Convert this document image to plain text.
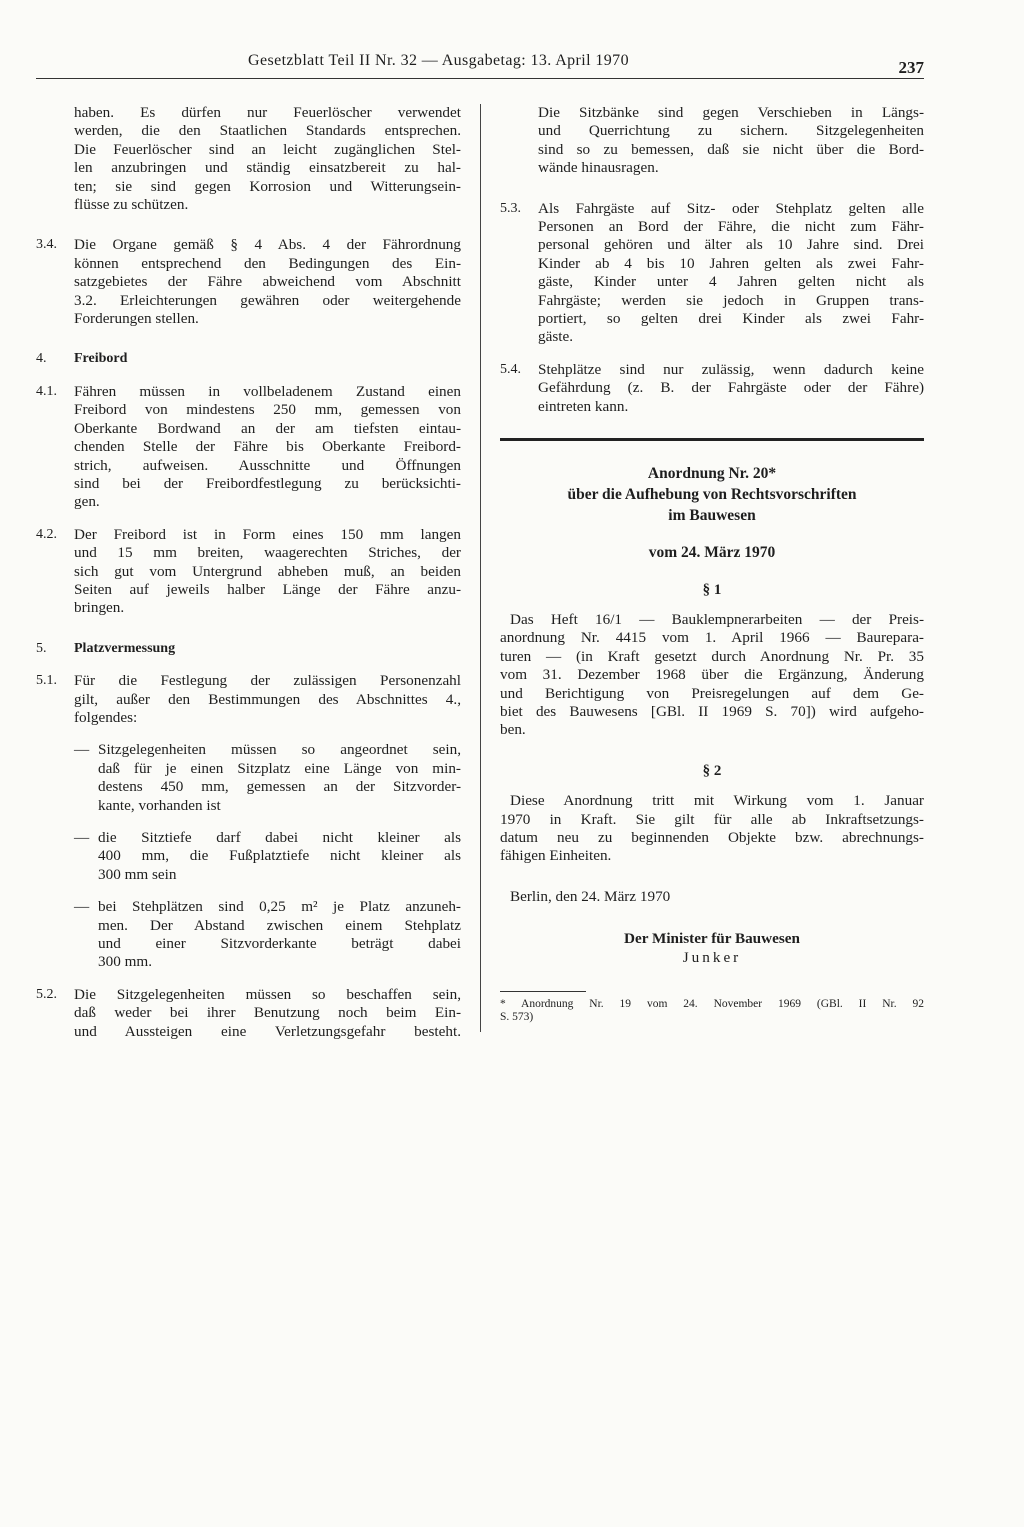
Gesetzblatt Teil II Nr. 32 — Ausgabetag: 13. April 1970	237
haben. Es dürfen nur Feuerlöscher verwendet
werden, die den Staatlichen Standards entsprechen.
Die Feuerlöscher sind an leicht zugänglichen Stel-
len anzubringen und ständig einsatzbereit zu hal-
ten; sie sind gegen Korrosion und Witterungsein-
flüsse zu schützen.
3.4. Die Organe gemäß § 4 Abs. 4 der Fährordnung
können entsprechend den Bedingungen des Ein-
satzgebietes der Fähre abweichend vom Abschnitt
3.2. Erleichterungen gewähren oder weitergehende
Forderungen stellen.
4. Freibord
4.1. Fähren müssen in vollbeladenem Zustand einen
Freibord von mindestens 250 mm, gemessen von
Oberkante Bordwand an der am tiefsten eintau-
chenden Stelle der Fähre bis Oberkante Freibord-
strich, aufweisen. Ausschnitte und Öffnungen
sind bei der Freibordfestlegung zu berücksichti-
gen.
4.2. Der Freibord ist in Form eines 150 mm langen
und 15 mm breiten, waagerechten Striches, der
sich gut vom Untergrund abheben muß, an beiden
Seiten auf jeweils halber Länge der Fähre anzu-
bringen.
5. Platzvermessung
5.1. Für die Festlegung der zulässigen Personenzahl
gilt, außer den Bestimmungen des Abschnittes 4.,
folgendes:
— Sitzgelegenheiten müssen so angeordnet sein,
daß für je einen Sitzplatz eine Länge von min-
destens 450 mm, gemessen an der Sitzvorder-
kante, vorhanden ist
— die Sitztiefe darf dabei nicht kleiner als
400 mm, die Fußplatztiefe nicht kleiner als
300 mm sein
— bei Stehplätzen sind 0,25 m² je Platz anzuneh-
men. Der Abstand zwischen einem Stehplatz
und einer Sitzvorderkante beträgt dabei
300 mm.
5.2. Die Sitzgelegenheiten müssen so beschaffen sein,
daß weder bei ihrer Benutzung noch beim Ein-
und Aussteigen eine Verletzungsgefahr besteht.
Die Sitzbänke sind gegen Verschieben in Längs-
und Querrichtung zu sichern. Sitzgelegenheiten
sind so zu bemessen, daß sie nicht über die Bord-
wände hinausragen.
5.3. Als Fahrgäste auf Sitz- oder Stehplatz gelten alle
Personen an Bord der Fähre, die nicht zum Fähr-
personal gehören und älter als 10 Jahre sind. Drei
Kinder ab 4 bis 10 Jahren gelten als zwei Fahr-
gäste, Kinder unter 4 Jahren gelten nicht als
Fahrgäste; werden sie jedoch in Gruppen trans-
portiert, so gelten drei Kinder als zwei Fahr-
gäste.
5.4. Stehplätze sind nur zulässig, wenn dadurch keine
Gefährdung (z. B. der Fahrgäste oder der Fähre)
eintreten kann.
Anordnung Nr. 20*
über die Aufhebung von Rechtsvorschriften
im Bauwesen
vom 24. März 1970
§ 1
Das Heft 16/1 — Bauklempnerarbeiten — der Preis-
anordnung Nr. 4415 vom 1. April 1966 — Baurepara-
turen — (in Kraft gesetzt durch Anordnung Nr. Pr. 35
vom 31. Dezember 1968 über die Ergänzung, Änderung
und Berichtigung von Preisregelungen auf dem Ge-
biet des Bauwesens [GBl. II 1969 S. 70]) wird aufgeho-
ben.
§ 2
Diese Anordnung tritt mit Wirkung vom 1. Januar
1970 in Kraft. Sie gilt für alle ab Inkraftsetzungs-
datum neu zu beginnenden Objekte bzw. abrechnungs-
fähigen Einheiten.
Berlin, den 24. März 1970
Der Minister für Bauwesen
Junker
* Anordnung Nr. 19 vom 24. November 1969 (GBl. II Nr. 92
S. 573)
